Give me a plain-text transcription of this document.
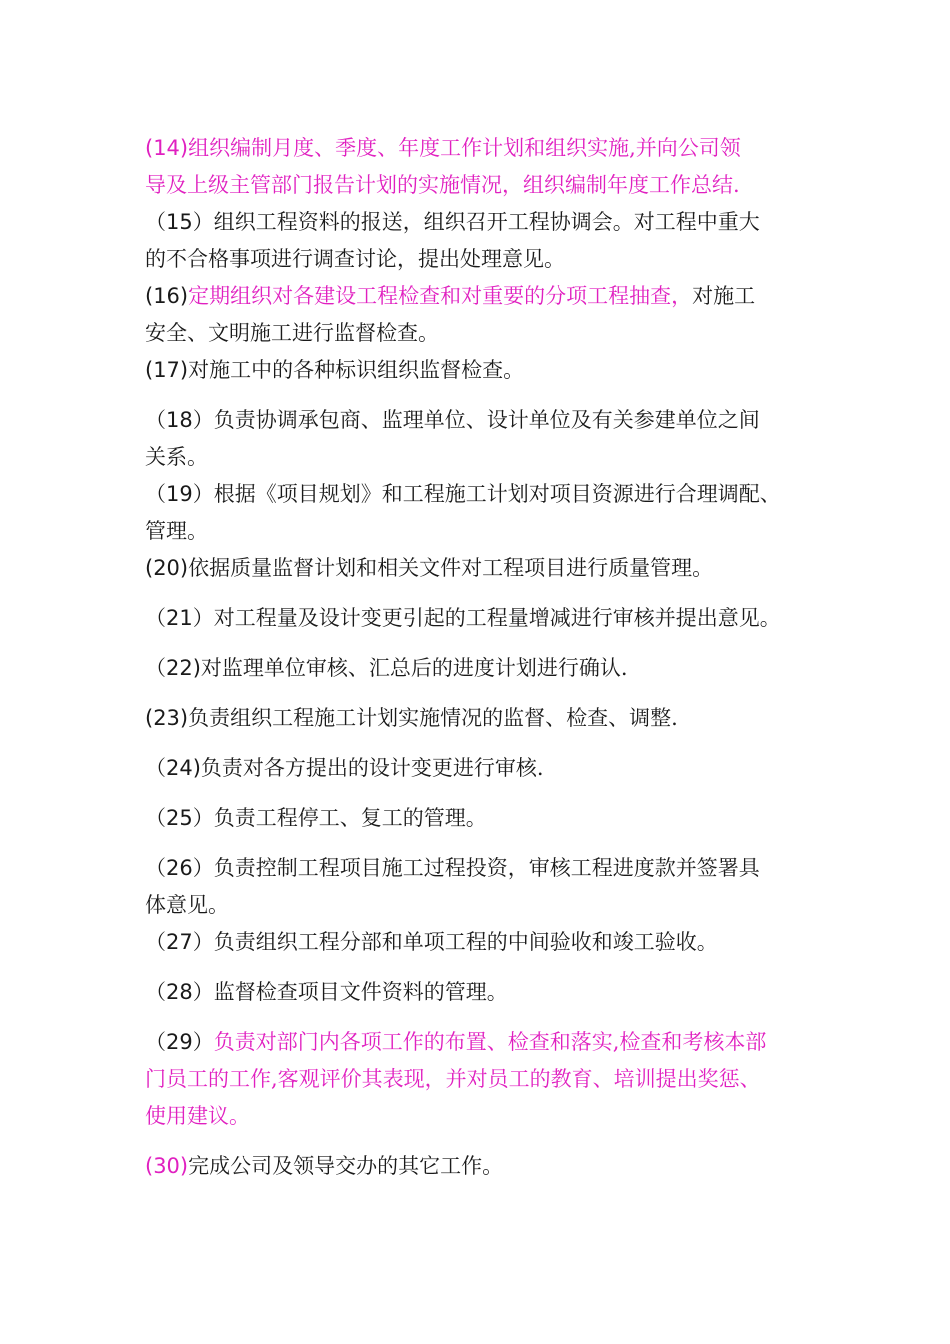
(14)组织编制月度、季度、年度工作计划和组织实施,并向公司领
导及上级主管部门报告计划的实施情况，组织编制年度工作总结.
（15）组织工程资料的报送，组织召开工程协调会。对工程中重大
的不合格事项进行调查讨论，提出处理意见。
(16)定期组织对各建设工程检查和对重要的分项工程抽查，对施工
安全、文明施工进行监督检查。
(17)对施工中的各种标识组织监督检查。
（18）负责协调承包商、监理单位、设计单位及有关参建单位之间
关系。
（19）根据《项目规划》和工程施工计划对项目资源进行合理调配、
管理。
(20)依据质量监督计划和相关文件对工程项目进行质量管理。
（21）对工程量及设计变更引起的工程量增减进行审核并提出意见。
（22)对监理单位审核、汇总后的进度计划进行确认.
(23)负责组织工程施工计划实施情况的监督、检查、调整.
（24)负责对各方提出的设计变更进行审核.
（25）负责工程停工、复工的管理。
（26）负责控制工程项目施工过程投资，审核工程进度款并签署具
体意见。
（27）负责组织工程分部和单项工程的中间验收和竣工验收。
（28）监督检查项目文件资料的管理。
（29）负责对部门内各项工作的布置、检查和落实,检查和考核本部
门员工的工作,客观评价其表现，并对员工的教育、培训提出奖惩、
使用建议。
(30)完成公司及领导交办的其它工作。
